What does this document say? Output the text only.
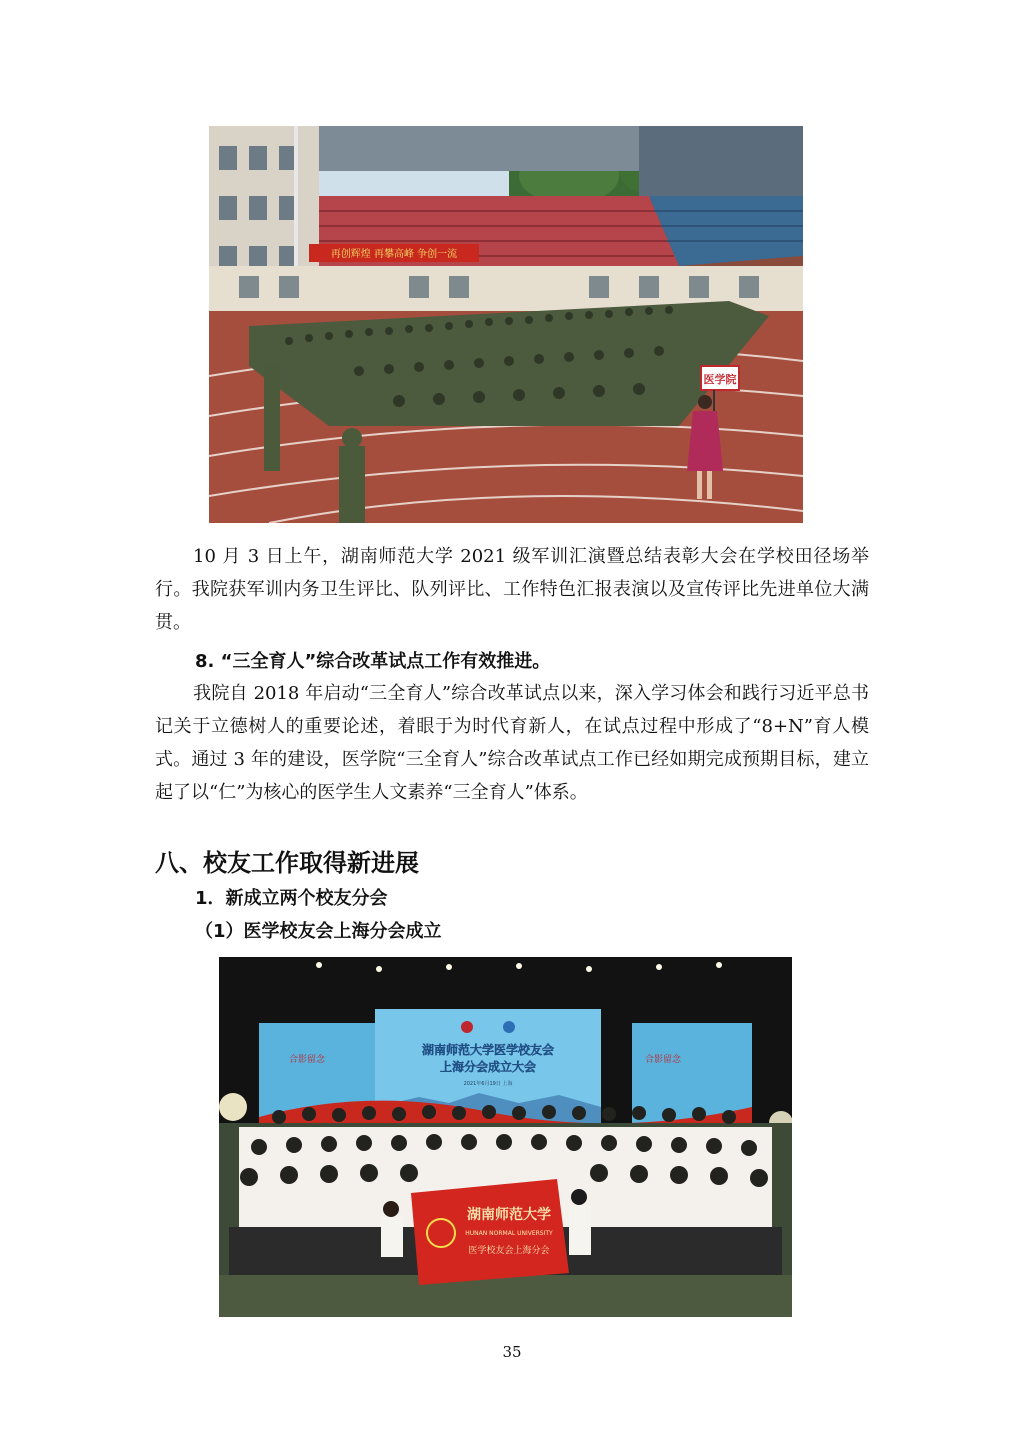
再创辉煌 再攀高峰 争创一流
医学院

10 月 3 日上午，湖南师范大学 2021 级军训汇演暨总结表彰大会在学校田径场举行。我院获军训内务卫生评比、队列评比、工作特色汇报表演以及宣传评比先进单位大满贯。

8. “三全育人”综合改革试点工作有效推进。

我院自 2018 年启动“三全育人”综合改革试点以来，深入学习体会和践行习近平总书记关于立德树人的重要论述，着眼于为时代育新人，在试点过程中形成了“8+N”育人模式。通过 3 年的建设，医学院“三全育人”综合改革试点工作已经如期完成预期目标，建立起了以“仁”为核心的医学生人文素养“三全育人”体系。

八、校友工作取得新进展
1．新成立两个校友分会
（1）医学校友会上海分会成立
合影留念	合影留念
湖南师范大学医学校友会
上海分会成立大会
2021年6月19日 上海
湖南师范大学
HUNAN NORMAL UNIVERSITY
医学校友会上海分会
35
